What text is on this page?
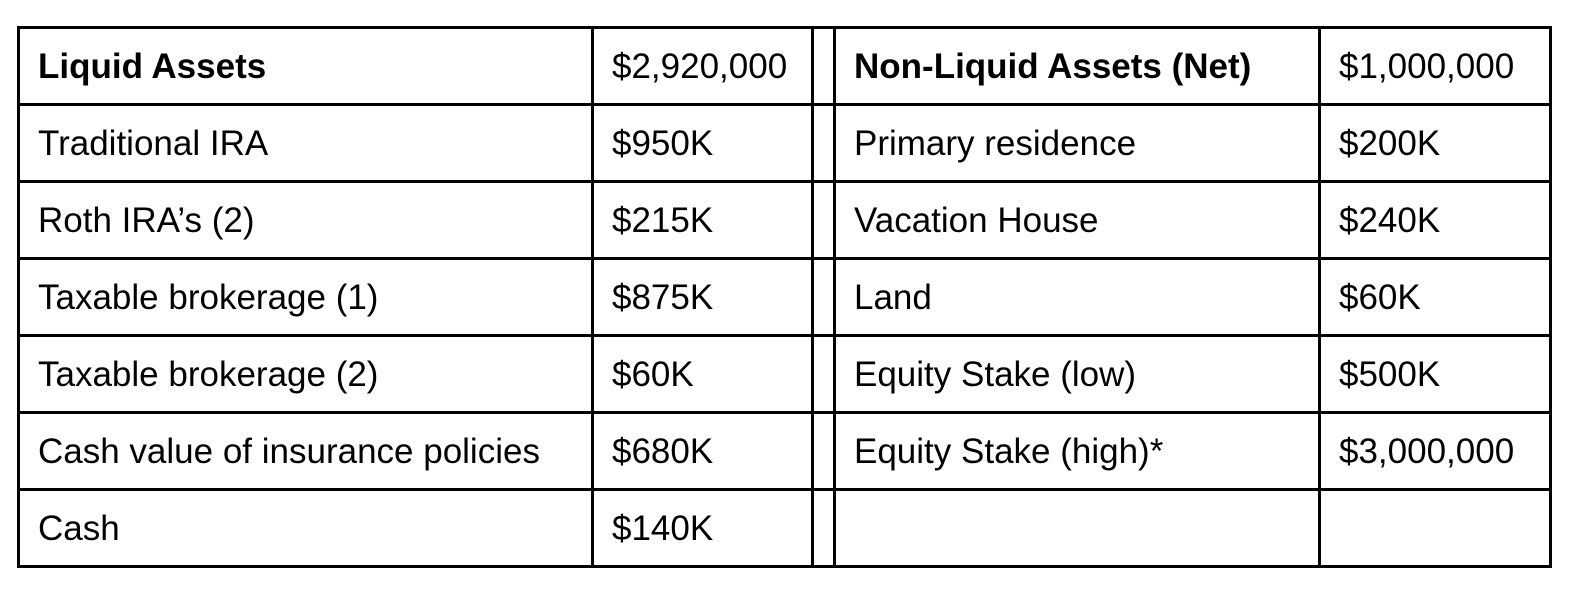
Liquid Assets	$2,920,000		Non-Liquid Assets (Net)	$1,000,000
Traditional IRA	$950K		Primary residence	$200K
Roth IRA’s (2)	$215K		Vacation House	$240K
Taxable brokerage (1)	$875K		Land	$60K
Taxable brokerage (2)	$60K		Equity Stake (low)	$500K
Cash value of insurance policies	$680K		Equity Stake (high)*	$3,000,000
Cash	$140K			
